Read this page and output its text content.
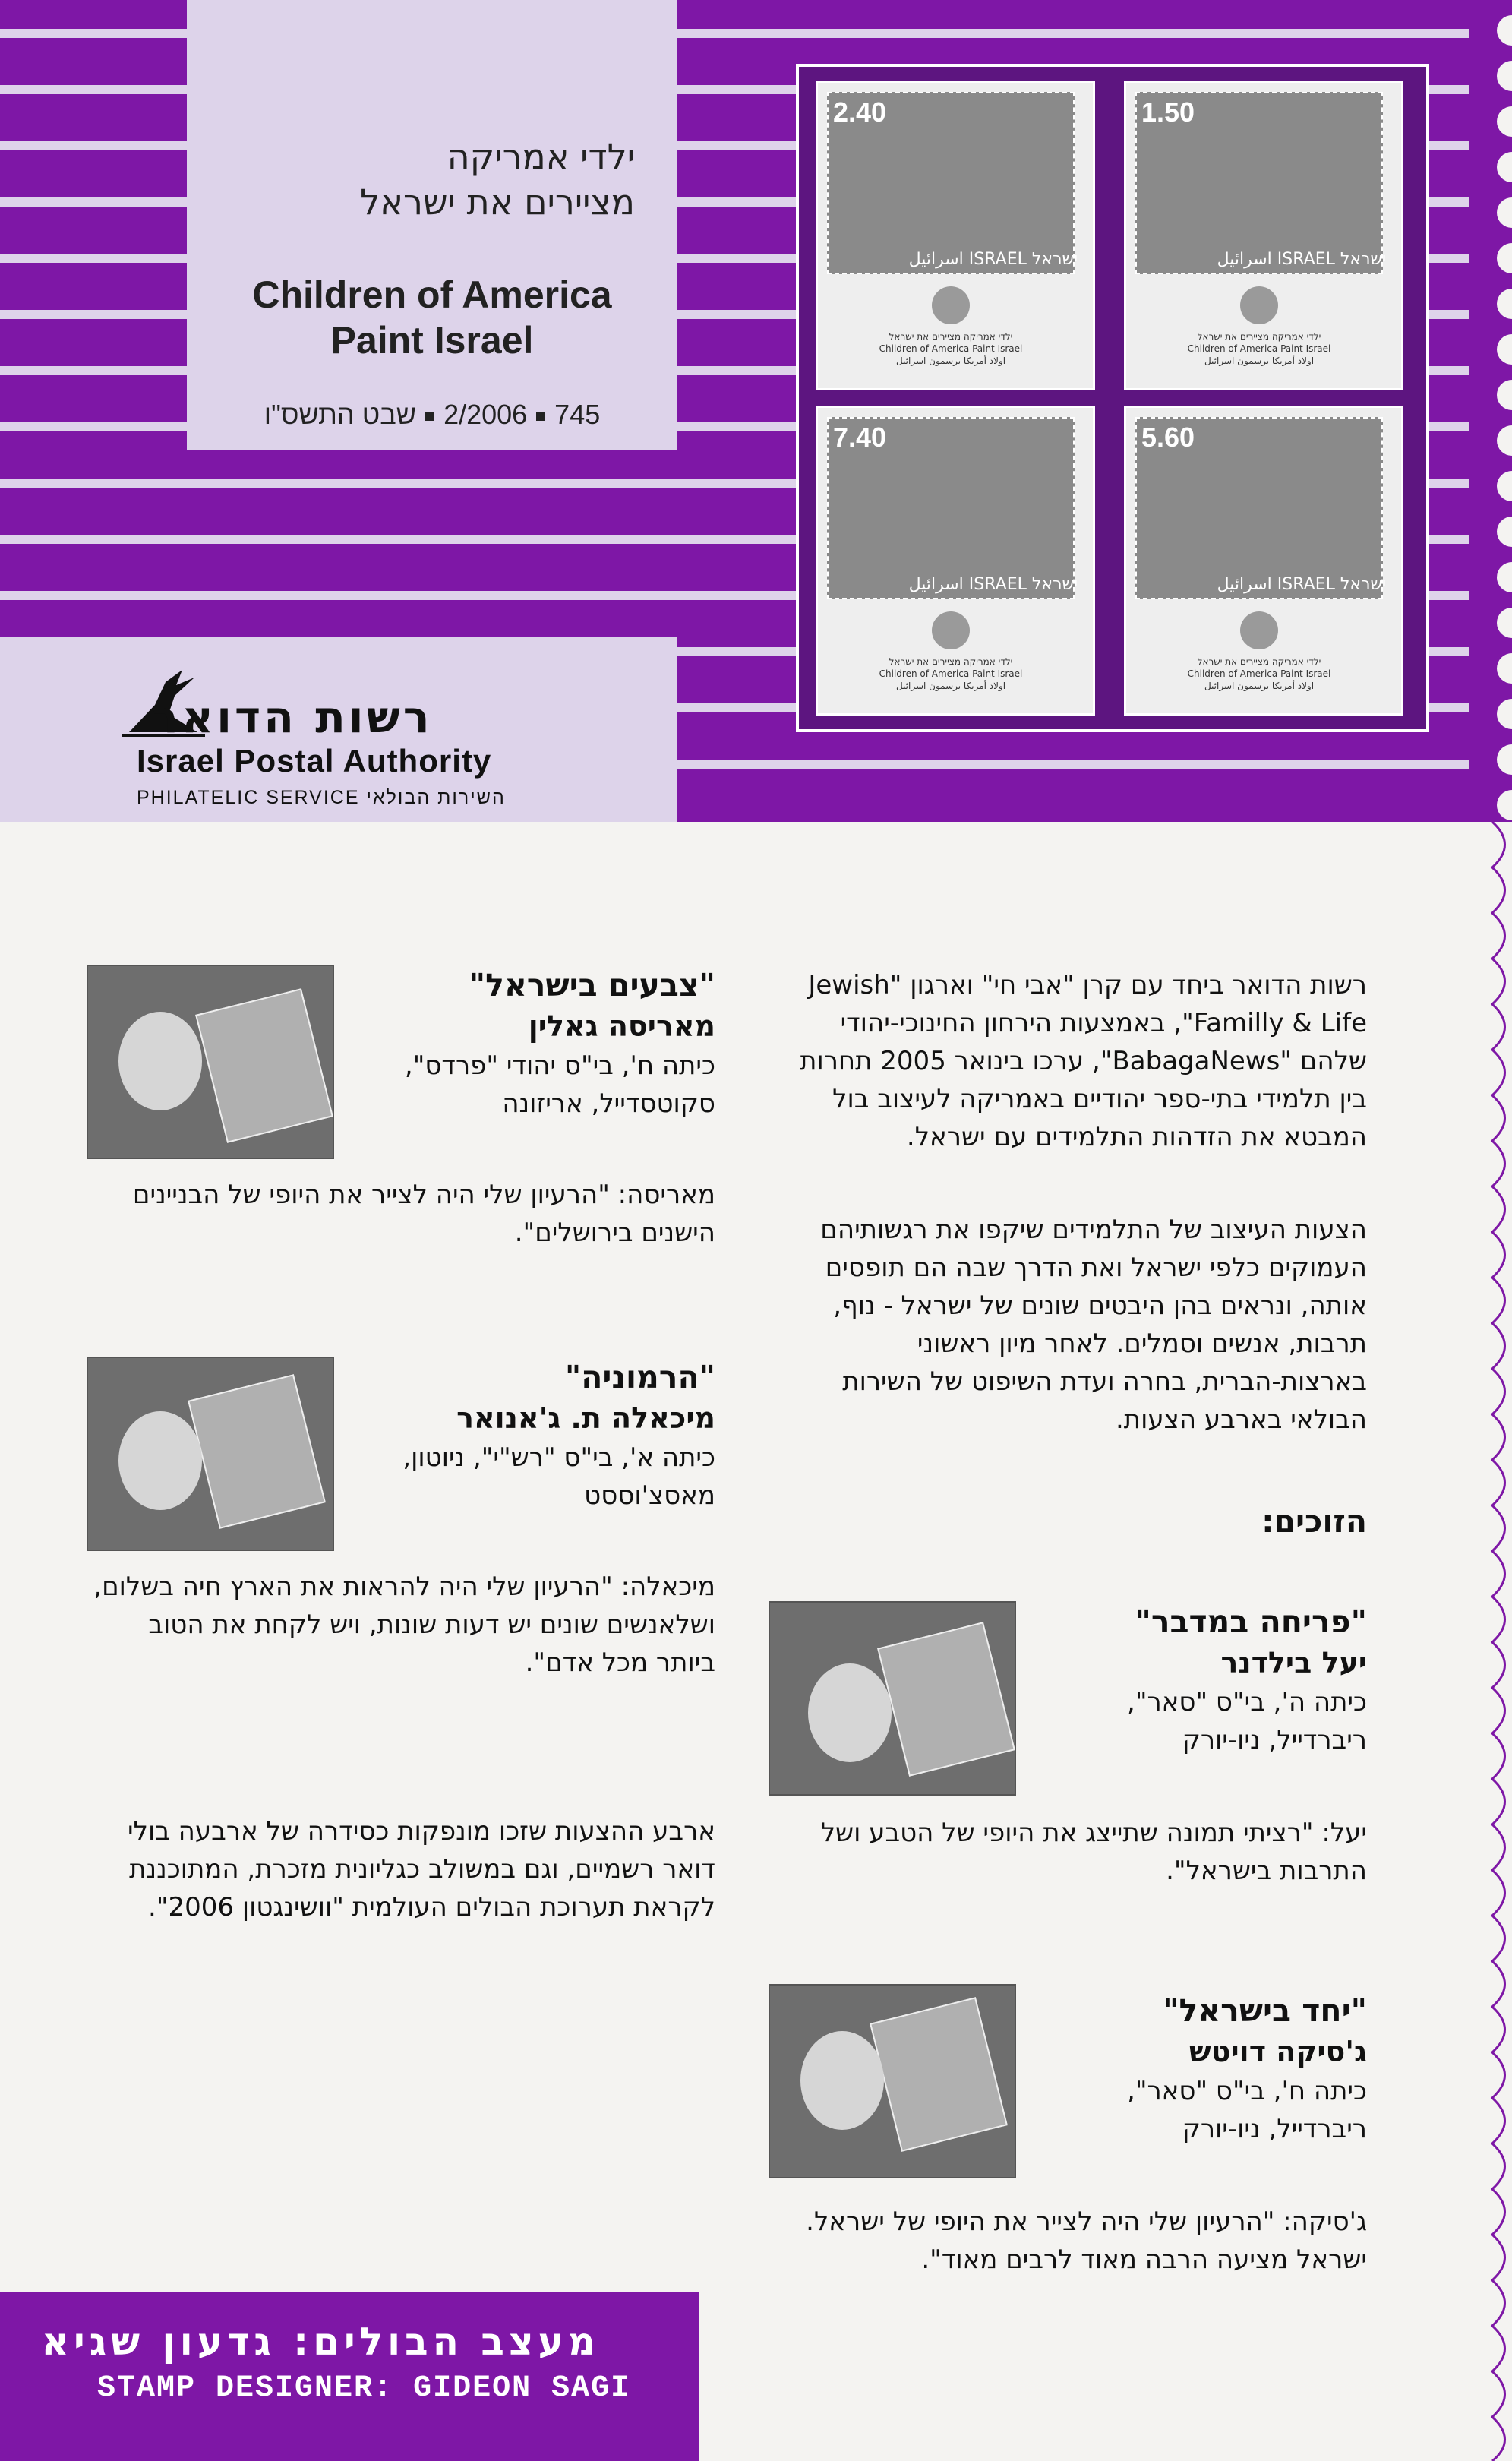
ילדי אמריקה
מציירים את ישראל
Children of America
Paint Israel
שבט התשס"ו 2/2006 745
2.40
ישראל ISRAEL اسرائيل
ילדי אמריקה מציירים את ישראל
Children of America Paint Israel
اولاد أمريكا يرسمون اسرائيل
1.50
ישראל ISRAEL اسرائيل
ילדי אמריקה מציירים את ישראל
Children of America Paint Israel
اولاد أمريكا يرسمون اسرائيل
7.40
ישראל ISRAEL اسرائيل
ילדי אמריקה מציירים את ישראל
Children of America Paint Israel
اولاد أمريكا يرسمون اسرائيل
5.60
ישראל ISRAEL اسرائيل
ילדי אמריקה מציירים את ישראל
Children of America Paint Israel
اولاد أمريكا يرسمون اسرائيل
רשות הדואר
Israel Postal Authority
PHILATELIC SERVICE השירות הבולאי
רשות הדואר ביחד עם קרן "אבי חי" וארגון "Jewish Familly & Life", באמצעות הירחון החינוכי-יהודי שלהם "BabagaNews", ערכו בינואר 2005 תחרות בין תלמידי בתי-ספר יהודיים באמריקה לעיצוב בול המבטא את הזדהות התלמידים עם ישראל.
הצעות העיצוב של התלמידים שיקפו את רגשותיהם העמוקים כלפי ישראל ואת הדרך שבה הם תופסים אותה, ונראים בהן היבטים שונים של ישראל - נוף, תרבות, אנשים וסמלים. לאחר מיון ראשוני בארצות-הברית, בחרה ועדת השיפוט של השירות הבולאי בארבע הצעות.
הזוכים:
"פריחה במדבר"
יעל בילדנר
כיתה ה', בי"ס "סאר", ריברדייל, ניו-יורק
יעל: "רציתי תמונה שתייצג את היופי של הטבע ושל התרבות בישראל".
"יחד בישראל"
ג'סיקה דויטש
כיתה ח', בי"ס "סאר", ריברדייל, ניו-יורק
ג'סיקה: "הרעיון שלי היה לצייר את היופי של ישראל. ישראל מציעה הרבה מאוד לרבים מאוד".
"צבעים בישראל"
מאריסה גאלין
כיתה ח', בי"ס יהודי "פרדס", סקוטסדייל, אריזונה
מאריסה: "הרעיון שלי היה לצייר את היופי של הבניינים הישנים בירושלים".
"הרמוניה"
מיכאלה ת. ג'אנואר
כיתה א', בי"ס "רש"י", ניוטון, מאסצ'וססט
מיכאלה: "הרעיון שלי היה להראות את הארץ חיה בשלום, ושלאנשים שונים יש דעות שונות, ויש לקחת את הטוב ביותר מכל אדם".
ארבע ההצעות שזכו מונפקות כסידרה של ארבעה בולי דואר רשמיים, וגם במשולב כגליונית מזכרת, המתוכננת לקראת תערוכת הבולים העולמית "וושינגטון 2006".
מעצב הבולים: גדעון שגיא
STAMP DESIGNER: GIDEON SAGI
